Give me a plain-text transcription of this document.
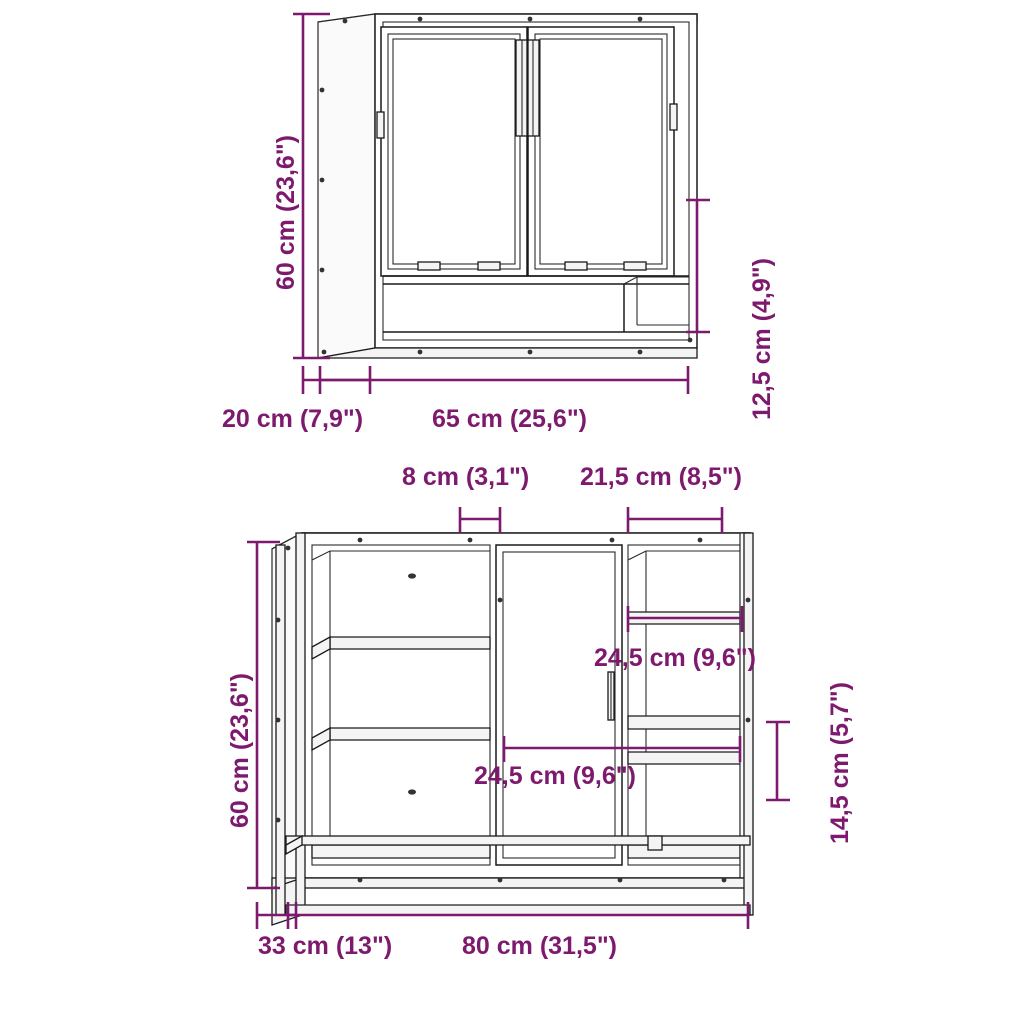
60 cm (23,6")
20 cm (7,9")	65 cm (25,6")	12,5 cm (4,9")
8 cm (3,1") 21,5 cm (8,5")
60 cm (23,6")
24,5 cm (9,6")
24,5 cm (9,6")	14,5 cm (5,7")
33 cm (13")	80 cm (31,5")
